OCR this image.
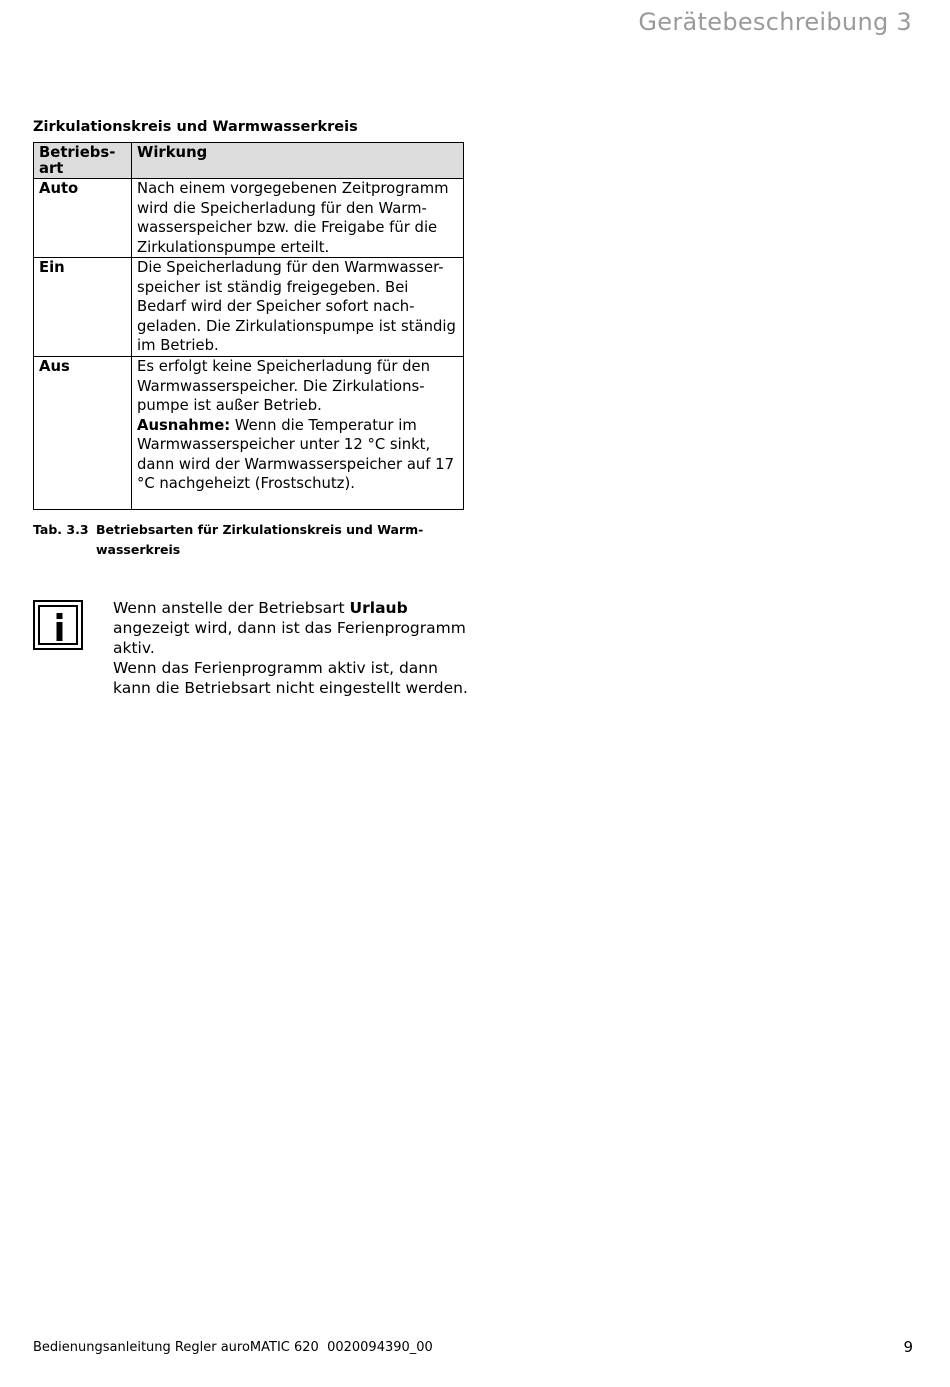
Gerätebeschreibung 3
Zirkulationskreis und Warmwasserkreis
Betriebs-
art	Wirkung
Auto	Nach einem vorgegebenen Zeitprogramm wird die Speicherladung für den Warm-wasserspeicher bzw. die Freigabe für die Zirkulationspumpe erteilt.
Ein	Die Speicherladung für den Warmwasser-speicher ist ständig freigegeben. Bei Bedarf wird der Speicher sofort nach-geladen. Die Zirkulationspumpe ist ständig im Betrieb.
Aus	Es erfolgt keine Speicherladung für den Warmwasserspeicher. Die Zirkulations-pumpe ist außer Betrieb.
Ausnahme: Wenn die Temperatur im Warmwasserspeicher unter 12 °C sinkt, dann wird der Warmwasserspeicher auf 17 °C nachgeheizt (Frostschutz).
Tab. 3.3 Betriebsarten für Zirkulationskreis und Warm-
wasserkreis
Wenn anstelle der Betriebsart Urlaub angezeigt wird, dann ist das Ferienprogramm aktiv.
Wenn das Ferienprogramm aktiv ist, dann kann die Betriebsart nicht eingestellt werden.
Bedienungsanleitung Regler auroMATIC 620  0020094390_00	9
